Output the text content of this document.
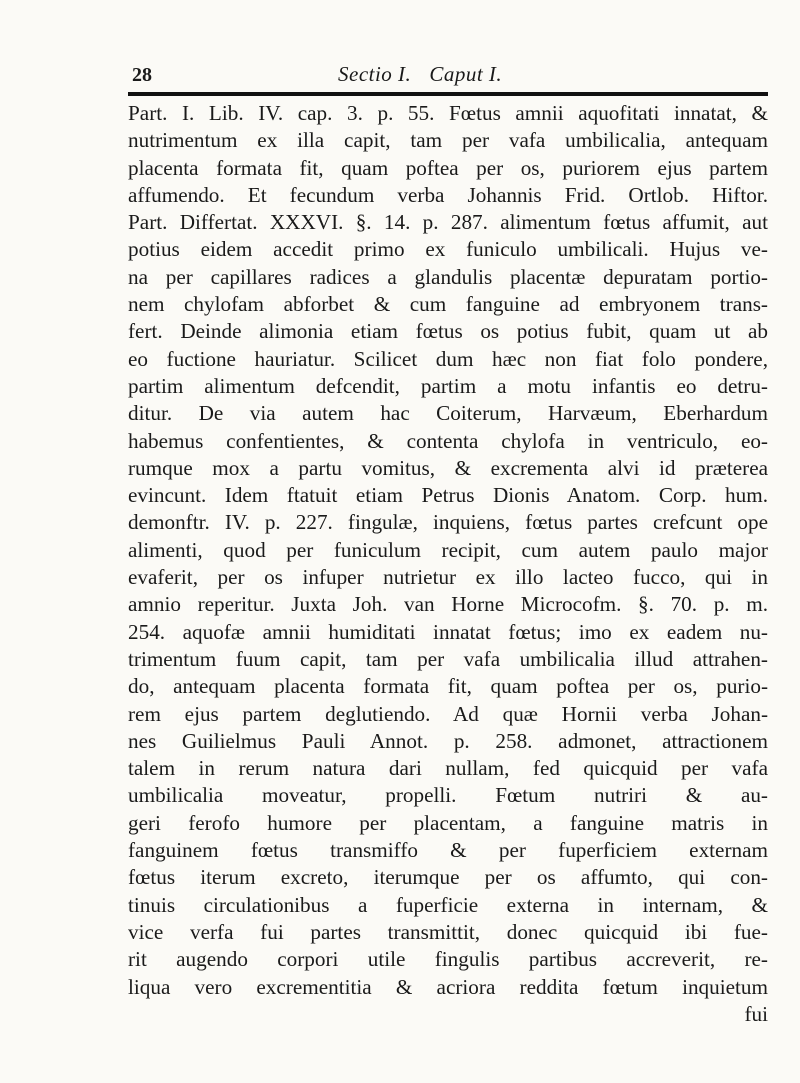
28	Sectio I. Caput I.
Part. I. Lib. IV. cap. 3. p. 55. Fœtus amnii aquofitati innatat, &
nutrimentum ex illa capit, tam per vafa umbilicalia, antequam
placenta formata fit, quam poftea per os, puriorem ejus partem
affumendo. Et fecundum verba Johannis Frid. Ortlob. Hiftor.
Part. Differtat. XXXVI. §. 14. p. 287. alimentum fœtus affumit, aut
potius eidem accedit primo ex funiculo umbilicali. Hujus ve-
na per capillares radices a glandulis placentæ depuratam portio-
nem chylofam abforbet & cum fanguine ad embryonem trans-
fert. Deinde alimonia etiam fœtus os potius fubit, quam ut ab
eo fuctione hauriatur. Scilicet dum hæc non fiat folo pondere,
partim alimentum defcendit, partim a motu infantis eo detru-
ditur. De via autem hac Coiterum, Harvæum, Eberhardum
habemus confentientes, & contenta chylofa in ventriculo, eo-
rumque mox a partu vomitus, & excrementa alvi id præterea
evincunt. Idem ftatuit etiam Petrus Dionis Anatom. Corp. hum.
demonftr. IV. p. 227. fingulæ, inquiens, fœtus partes crefcunt ope
alimenti, quod per funiculum recipit, cum autem paulo major
evaferit, per os infuper nutrietur ex illo lacteo fucco, qui in
amnio reperitur. Juxta Joh. van Horne Microcofm. §. 70. p. m.
254. aquofæ amnii humiditati innatat fœtus; imo ex eadem nu-
trimentum fuum capit, tam per vafa umbilicalia illud attrahen-
do, antequam placenta formata fit, quam poftea per os, purio-
rem ejus partem deglutiendo. Ad quæ Hornii verba Johan-
nes Guilielmus Pauli Annot. p. 258. admonet, attractionem
talem in rerum natura dari nullam, fed quicquid per vafa
umbilicalia moveatur, propelli. Fœtum nutriri & au-
geri ferofo humore per placentam, a fanguine matris in
fanguinem fœtus transmiffo & per fuperficiem externam
fœtus iterum excreto, iterumque per os affumto, qui con-
tinuis circulationibus a fuperficie externa in internam, &
vice verfa fui partes transmittit, donec quicquid ibi fue-
rit augendo corpori utile fingulis partibus accreverit, re-
liqua vero excrementitia & acriora reddita fœtum inquietum
fui
